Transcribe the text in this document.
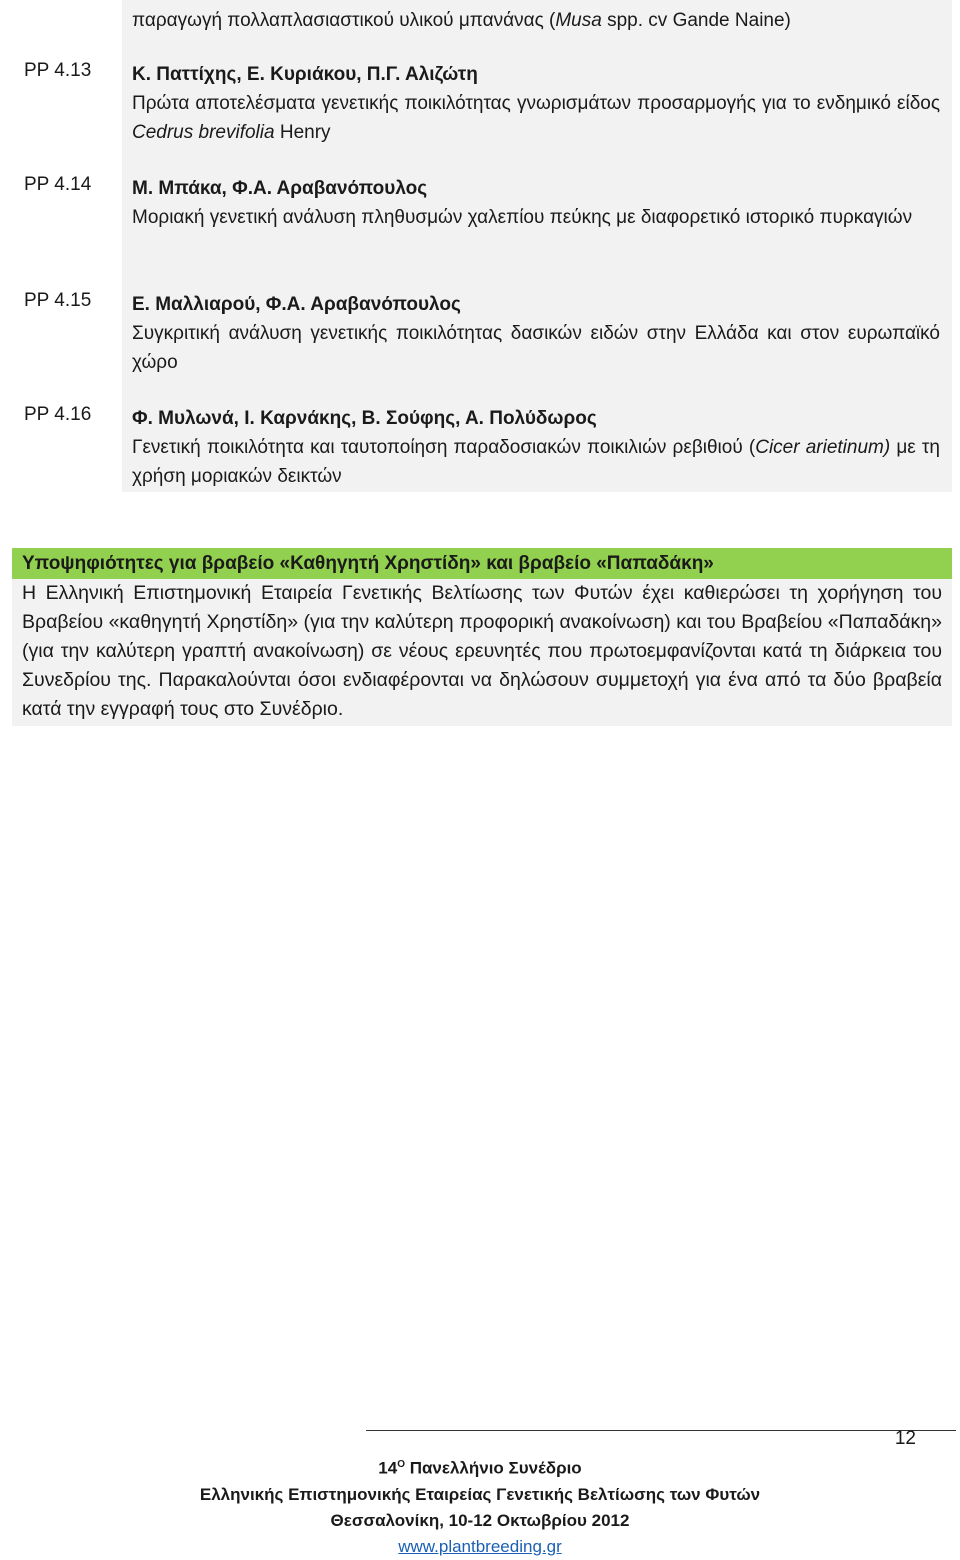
παραγωγή πολλαπλασιαστικού υλικού μπανάνας (Musa spp. cv Gande Naine)
PP 4.13	Κ. Παττίχης, Ε. Κυριάκου, Π.Γ. Αλιζώτη
Πρώτα αποτελέσματα γενετικής ποικιλότητας γνωρισμάτων προσαρμογής για το ενδημικό είδος Cedrus brevifolia Henry
PP 4.14	Μ. Μπάκα, Φ.Α. Αραβανόπουλος
Μοριακή γενετική ανάλυση πληθυσμών χαλεπίου πεύκης με διαφορετικό ιστορικό πυρκαγιών
PP 4.15	Ε. Μαλλιαρού, Φ.Α. Αραβανόπουλος
Συγκριτική ανάλυση γενετικής ποικιλότητας δασικών ειδών στην Ελλάδα και στον ευρωπαϊκό χώρο
PP 4.16	Φ. Μυλωνά, Ι. Καρνάκης, Β. Σούφης, Α. Πολύδωρος
Γενετική ποικιλότητα και ταυτοποίηση παραδοσιακών ποικιλιών ρεβιθιού (Cicer arietinum) με τη χρήση μοριακών δεικτών
Υποψηφιότητες για βραβείο «Καθηγητή Χρηστίδη» και βραβείο «Παπαδάκη»
Η Ελληνική Επιστημονική Εταιρεία Γενετικής Βελτίωσης των Φυτών έχει καθιερώσει τη χορήγηση του Βραβείου «καθηγητή Χρηστίδη» (για την καλύτερη προφορική ανακοίνωση) και του Βραβείου «Παπαδάκη» (για την καλύτερη γραπτή ανακοίνωση) σε νέους ερευνητές που πρωτοεμφανίζονται κατά τη διάρκεια του Συνεδρίου της. Παρακαλούνται όσοι ενδιαφέρονται να δηλώσουν συμμετοχή για ένα από τα δύο βραβεία κατά την εγγραφή τους στο Συνέδριο.
12
$14^O$ Πανελλήνιο Συνέδριο
Ελληνικής Επιστημονικής Εταιρείας Γενετικής Βελτίωσης των Φυτών
Θεσσαλονίκη, 10-12 Οκτωβρίου 2012
www.plantbreeding.gr
